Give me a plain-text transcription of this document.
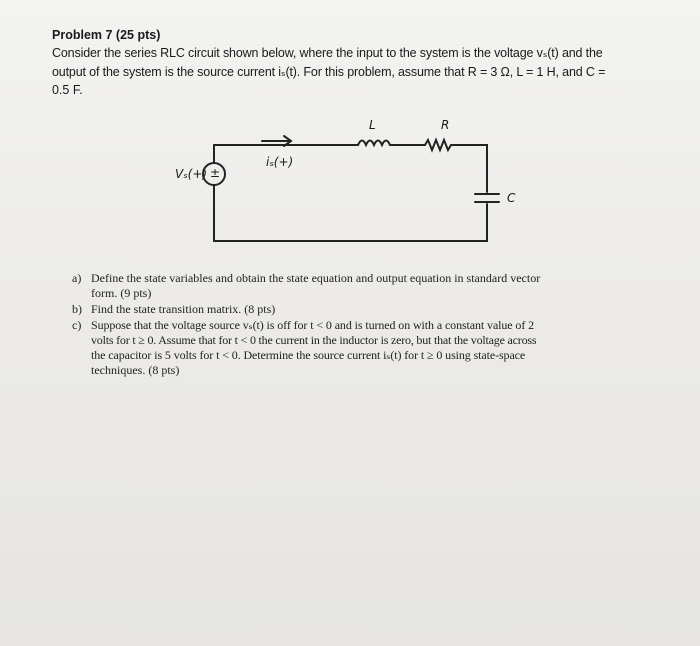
Problem 7 (25 pts)
Consider the series RLC circuit shown below, where the input to the system is the voltage vₛ(t) and the
output of the system is the source current iₛ(t). For this problem, assume that R = 3 Ω, L = 1 H, and C =
0.5 F.
±
Vₛ(+)
iₛ(+)
L	R
C
a) Define the state variables and obtain the state equation and output equation in standard vector
form. (9 pts)
b) Find the state transition matrix. (8 pts)
c) Suppose that the voltage source vₛ(t) is off for t < 0 and is turned on with a constant value of 2
volts for t ≥ 0. Assume that for t < 0 the current in the inductor is zero, but that the voltage across
the capacitor is 5 volts for t < 0. Determine the source current iₛ(t) for t ≥ 0 using state-space
techniques. (8 pts)
